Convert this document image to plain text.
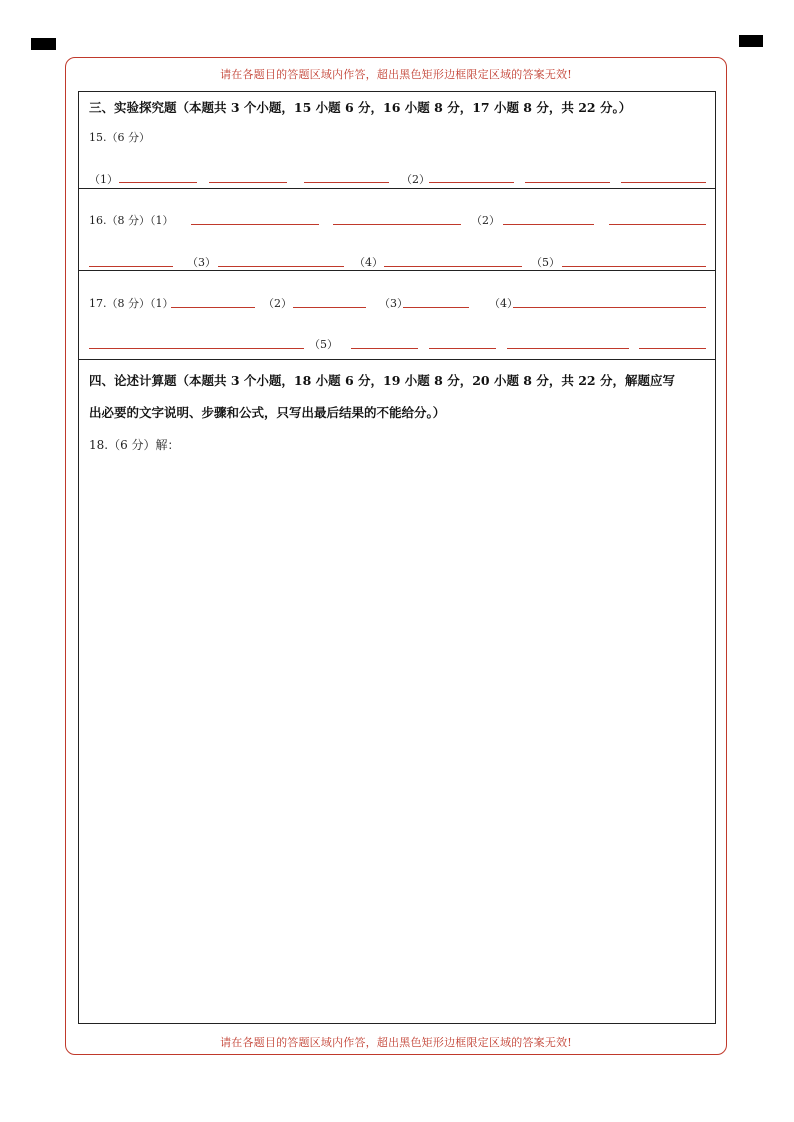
请在各题目的答题区域内作答，超出黑色矩形边框限定区域的答案无效!
请在各题目的答题区域内作答，超出黑色矩形边框限定区域的答案无效!
三、实验探究题（本题共 3 个小题，15 小题 6 分，16 小题 8 分，17 小题 8 分，共 22 分。）
15.（6 分）
（1）	（2）
16.（8 分）（1）	（2）
（3）	（4）	（5）
17.（8 分）（1）	（2）	（3）	（4）
（5）
四、论述计算题（本题共 3 个小题，18 小题 6 分，19 小题 8 分，20 小题 8 分，共 22 分，解题应写
出必要的文字说明、步骤和公式，只写出最后结果的不能给分。）
18.（6 分）解：
